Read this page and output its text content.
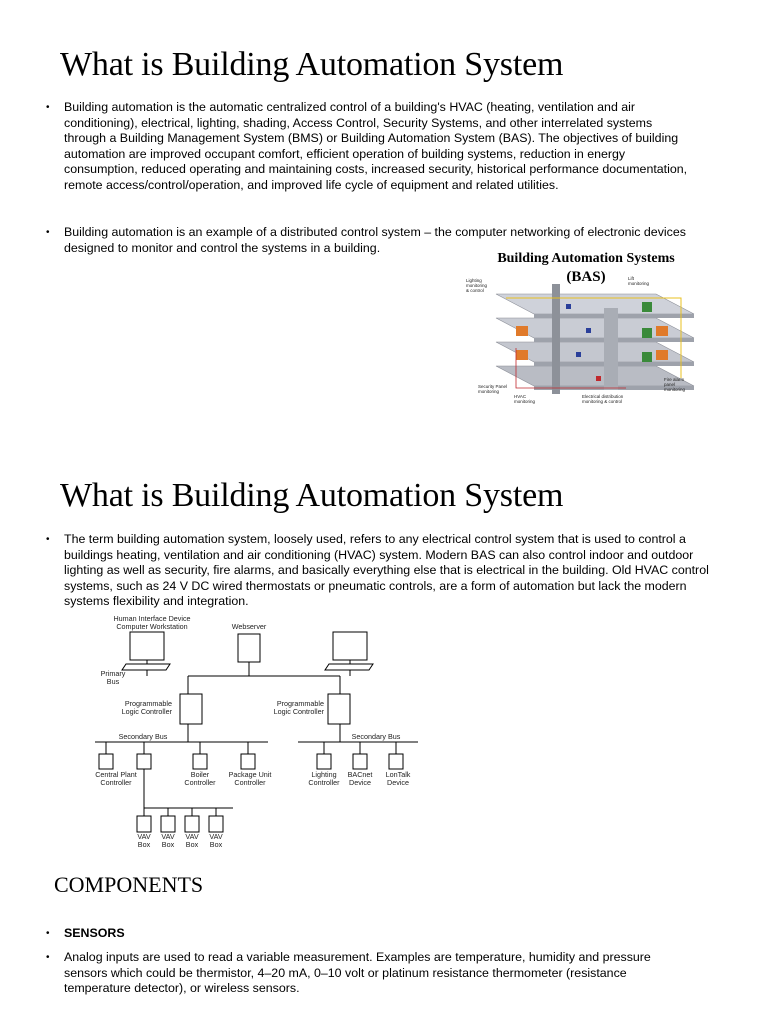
What is Building Automation System
• Building automation is the automatic centralized control of a building's HVAC (heating, ventilation and air conditioning), electrical, lighting, shading, Access Control, Security Systems, and other interrelated systems through a Building Management System (BMS) or Building Automation System (BAS). The objectives of building automation are improved occupant comfort, efficient operation of building systems, reduction in energy consumption, reduced operating and maintaining costs, increased security, historical performance documentation, remote access/control/operation, and improved life cycle of equipment and related utilities.
• Building automation is an example of a distributed control system – the computer networking of electronic devices designed to monitor and control the systems in a building.
Building Automation Systems
(BAS)
Lighting
monitoring
& control
Lift
monitoring
Security Panel
monitoring
HVAC
monitoring
Electrical distribution
monitoring & control
Fire alarm
panel
monitoring
What is Building Automation System
• The term building automation system, loosely used, refers to any electrical control system that is used to control a buildings heating, ventilation and air conditioning (HVAC) system. Modern BAS can also control indoor and outdoor lighting as well as security, fire alarms, and basically everything else that is electrical in the building. Old HVAC control systems, such as 24 V DC wired thermostats or pneumatic controls, are a form of automation but lack the modern systems flexibility and integration.
Human Interface Device
Computer Workstation	Webserver
Primary
Bus
Programmable
Logic Controller
Programmable
Logic Controller
Secondary Bus	Secondary Bus
Central Plant
Controller
Boiler
Controller
Package Unit
Controller
Lighting
Controller
BACnet
Device
LonTalk
Device
VAV
Box
VAV
Box
VAV
Box
VAV
Box
COMPONENTS
• SENSORS
• Analog inputs are used to read a variable measurement. Examples are temperature, humidity and pressure sensors which could be thermistor, 4–20 mA, 0–10 volt or platinum resistance thermometer (resistance temperature detector), or wireless sensors.
